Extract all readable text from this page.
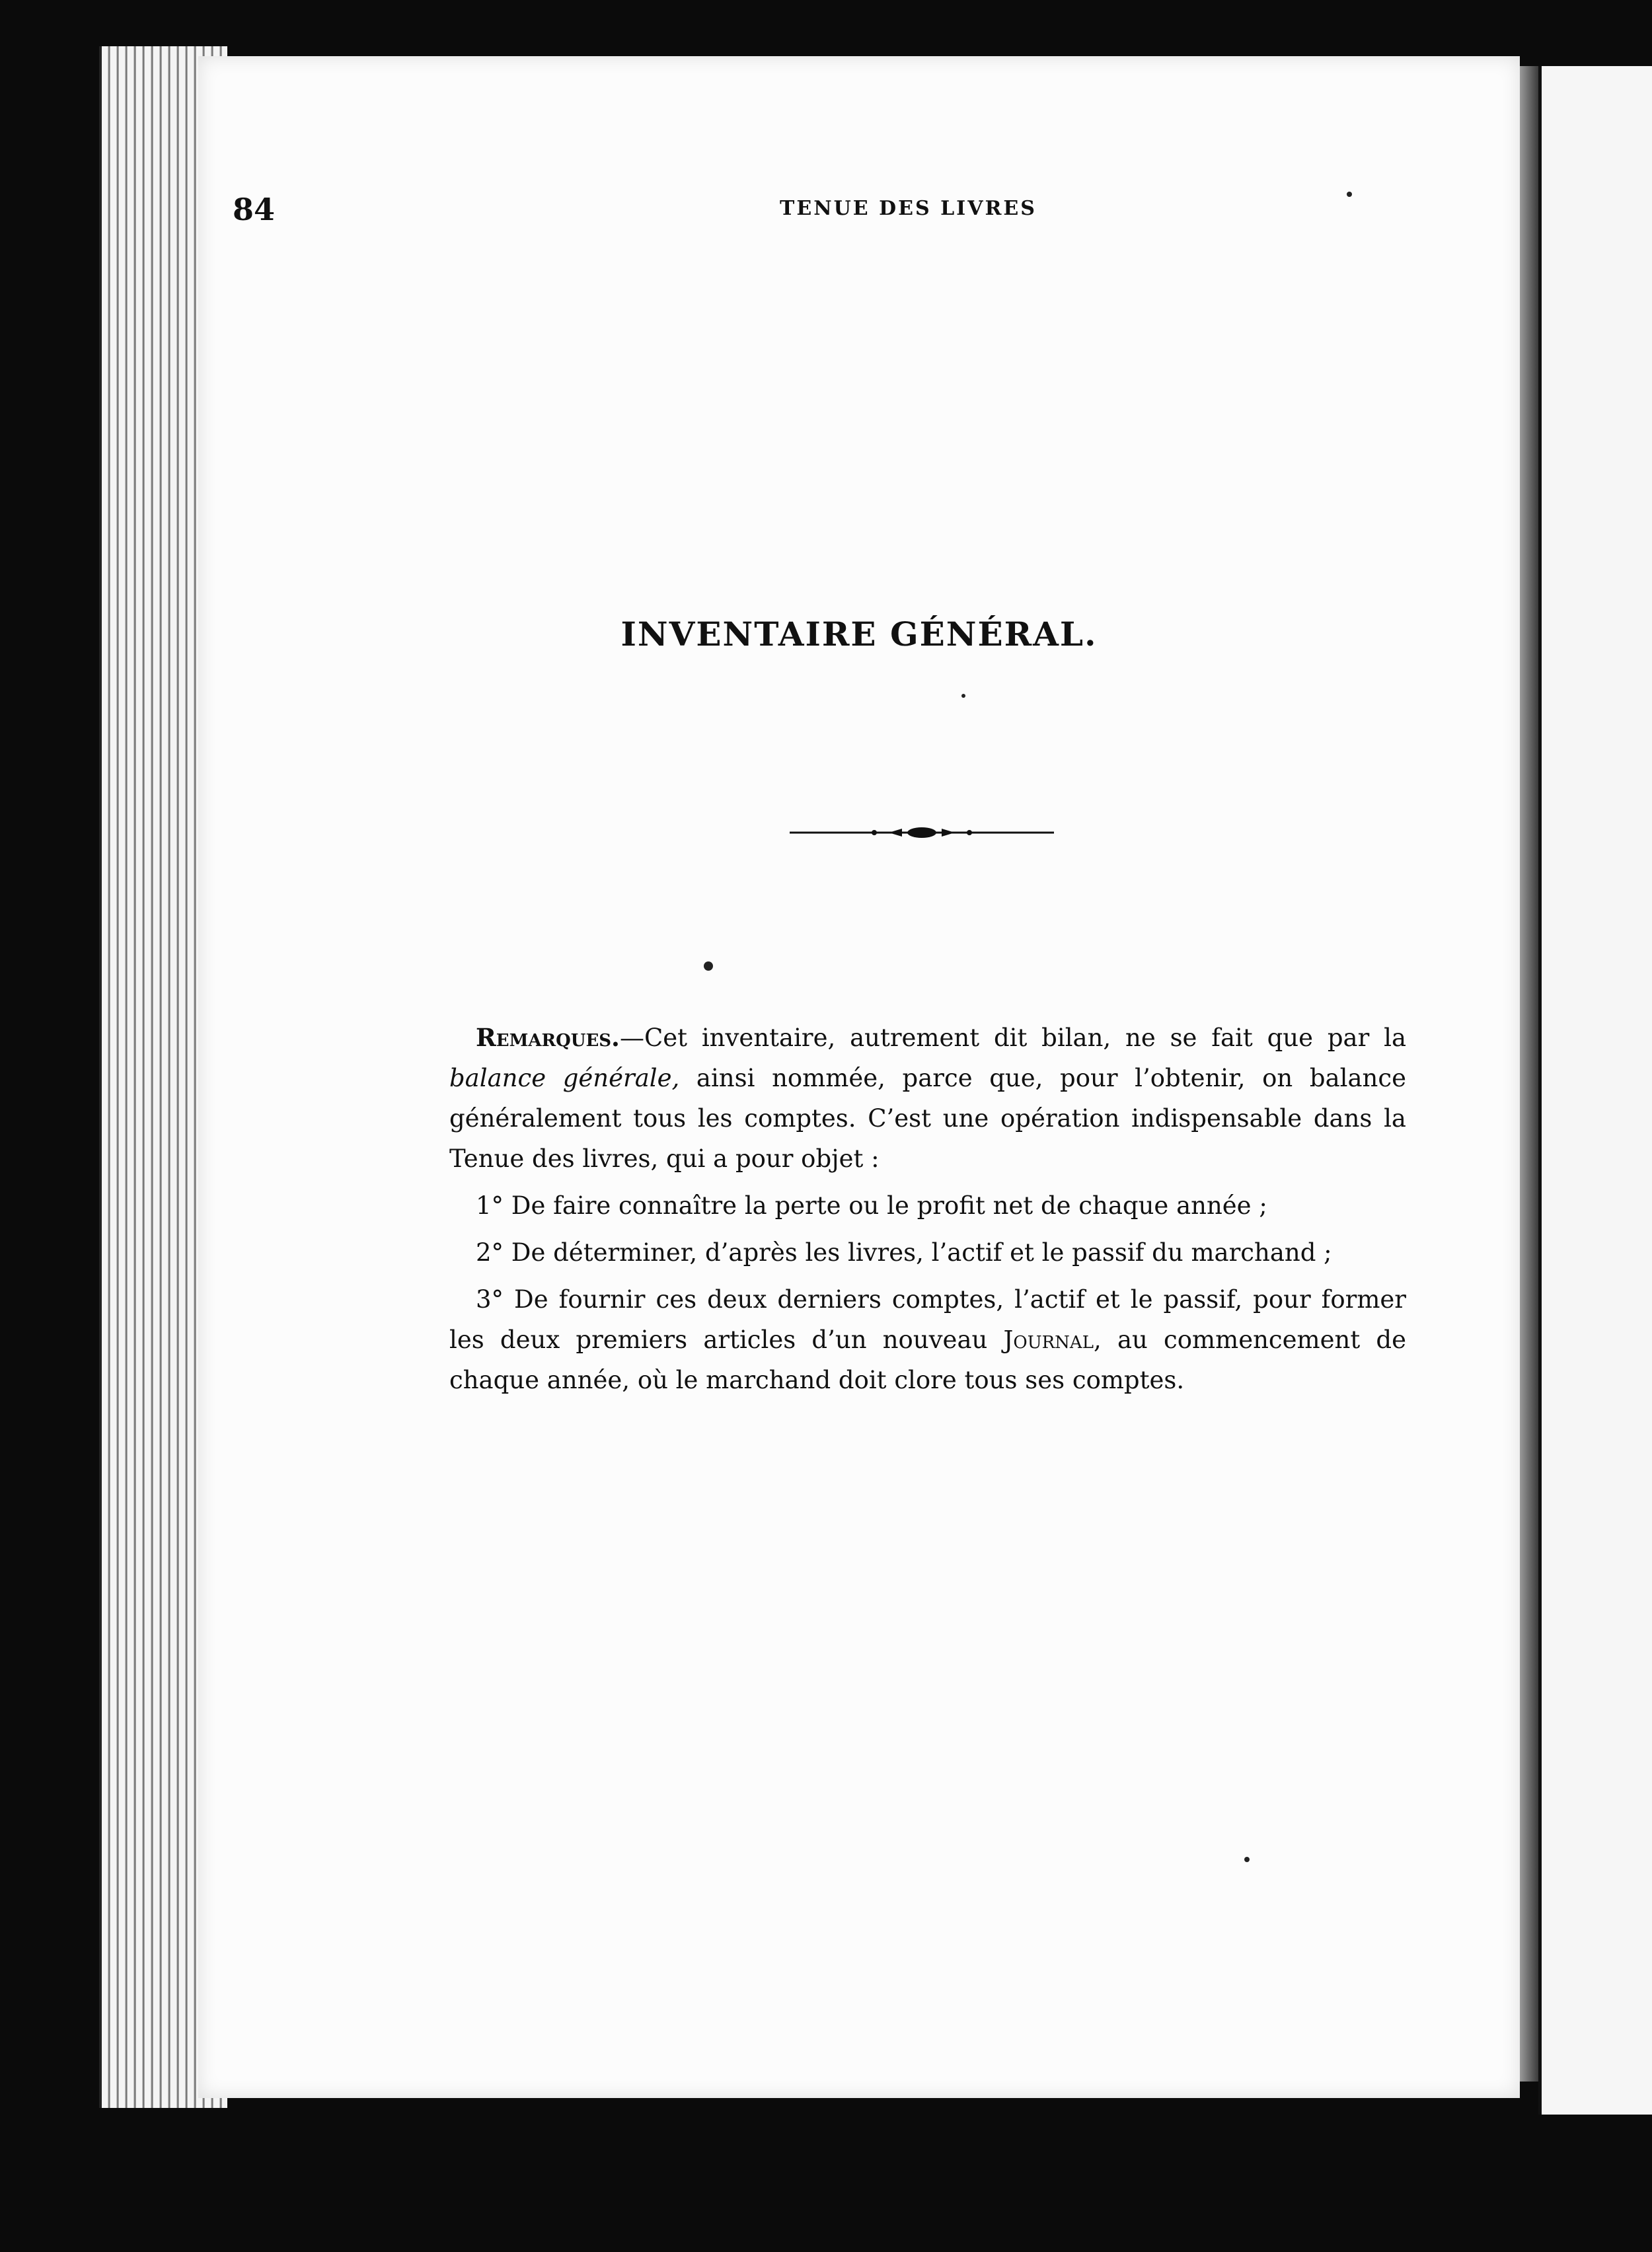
84	TENUE DES LIVRES
INVENTAIRE GÉNÉRAL.

Remarques.—Cet inventaire, autrement dit bilan, ne se fait que par la balance générale, ainsi nommée, parce que, pour l’obtenir, on balance généralement tous les comptes. C’est une opération indispensable dans la Tenue des livres, qui a pour objet :

1° De faire connaître la perte ou le profit net de chaque année ;

2° De déterminer, d’après les livres, l’actif et le passif du marchand ;

3° De fournir ces deux derniers comptes, l’actif et le passif, pour former les deux premiers articles d’un nouveau Journal, au commencement de chaque année, où le marchand doit clore tous ses comptes.
